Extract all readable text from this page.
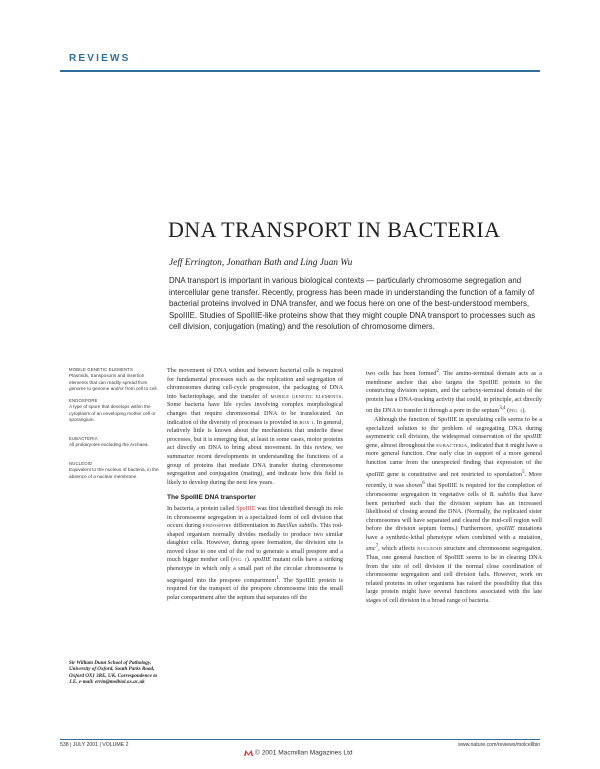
REVIEWS
DNA TRANSPORT IN BACTERIA
Jeff Errington, Jonathan Bath and Ling Juan Wu
DNA transport is important in various biological contexts — particularly chromosome segregation and intercellular gene transfer. Recently, progress has been made in understanding the function of a family of bacterial proteins involved in DNA transfer, and we focus here on one of the best-understood members, SpoIIIE. Studies of SpoIIIE-like proteins show that they might couple DNA transport to processes such as cell division, conjugation (mating) and the resolution of chromosome dimers.
MOBILE GENETIC ELEMENTS
Plasmids, transposons and insertion elements that can readily spread from genome to genome and/or from cell to cell.
ENDOSPORE
A type of spore that develops within the cytoplasm of an enveloping mother cell or sporangium.
EUBACTERIA
All prokaryotes excluding the Archaea.
NUCLEOID
Equivalent to the nucleus of bacteria, in the absence of a nuclear membrane.
Sir William Dunn School of Pathology, University of Oxford, South Parks Road, Oxford OX1 3RE, UK. Correspondence to J.E. e-mail: errin@molbiol.ox.ac.uk

The movement of DNA within and between bacterial cells is required for fundamental processes such as the replication and segregation of chromosomes during cell-cycle progression, the packaging of DNA into bacteriophage, and the transfer of MOBILE GENETIC ELEMENTS. Some bacteria have life cycles involving complex morphological changes that require chromosomal DNA to be translocated. An indication of the diversity of processes is provided in BOX 1. In general, relatively little is known about the mechanisms that underlie these processes, but it is emerging that, at least in some cases, motor proteins act directly on DNA to bring about movement. In this review, we summarize recent developments in understanding the functions of a group of proteins that mediate DNA transfer during chromosome segregation and conjugation (mating), and indicate how this field is likely to develop during the next few years.

The SpoIIIE DNA transporter

In bacteria, a protein called SpoIIIE was first identified through its role in chromosome segregation in a specialized form of cell division that occurs during ENDOSPORE differentiation in Bacillus subtilis. This rod-shaped organism normally divides medially to produce two similar daughter cells. However, during spore formation, the division site is moved close to one end of the rod to generate a small prespore and a much bigger mother cell (FIG. 1). spoIIIE mutant cells have a striking phenotype in which only a small part of the circular chromosome is segregated into the prespore compartment$^1$. The SpoIIIE protein is required for the transport of the prespore chromosome into the small polar compartment after the septum that separates off the

two cells has been formed$^2$. The amino-terminal domain acts as a membrane anchor that also targets the SpoIIIE protein to the constricting division septum, and the carboxy-terminal domain of the protein has a DNA-tracking activity that could, in principle, act directly on the DNA to transfer it through a pore in the septum$^{3,4}$ (FIG. 1).

Although the function of SpoIIIE in sporulating cells seems to be a specialized solution to the problem of segregating DNA during asymmetric cell division, the widespread conservation of the spoIIIE gene, almost throughout the EUBACTERIA, indicated that it might have a more general function. One early clue in support of a more general function came from the unexpected finding that expression of the spoIIIE gene is constitutive and not restricted to sporulation$^5$. More recently, it was shown$^6$ that SpoIIIE is required for the completion of chromosome segregation in vegetative cells of B. subtilis that have been perturbed such that the division septum has an increased likelihood of closing around the DNA. (Normally, the replicated sister chromosomes will have separated and cleared the mid-cell region well before the division septum forms.) Furthermore, spoIIIE mutations have a synthetic-lethal phenotype when combined with a mutation, smc$^7$, which affects NUCLEOID structure and chromosome segregation. Thus, one general function of SpoIIIE seems to be in clearing DNA from the site of cell division if the normal close coordination of chromosome segregation and cell division fails. However, work on related proteins in other organisms has raised the possibility that this large protein might have several functions associated with the late stages of cell division in a broad range of bacteria.

538 | JULY 2001 | VOLUME 2	www.nature.com/reviews/molcellbio
© 2001 Macmillan Magazines Ltd
